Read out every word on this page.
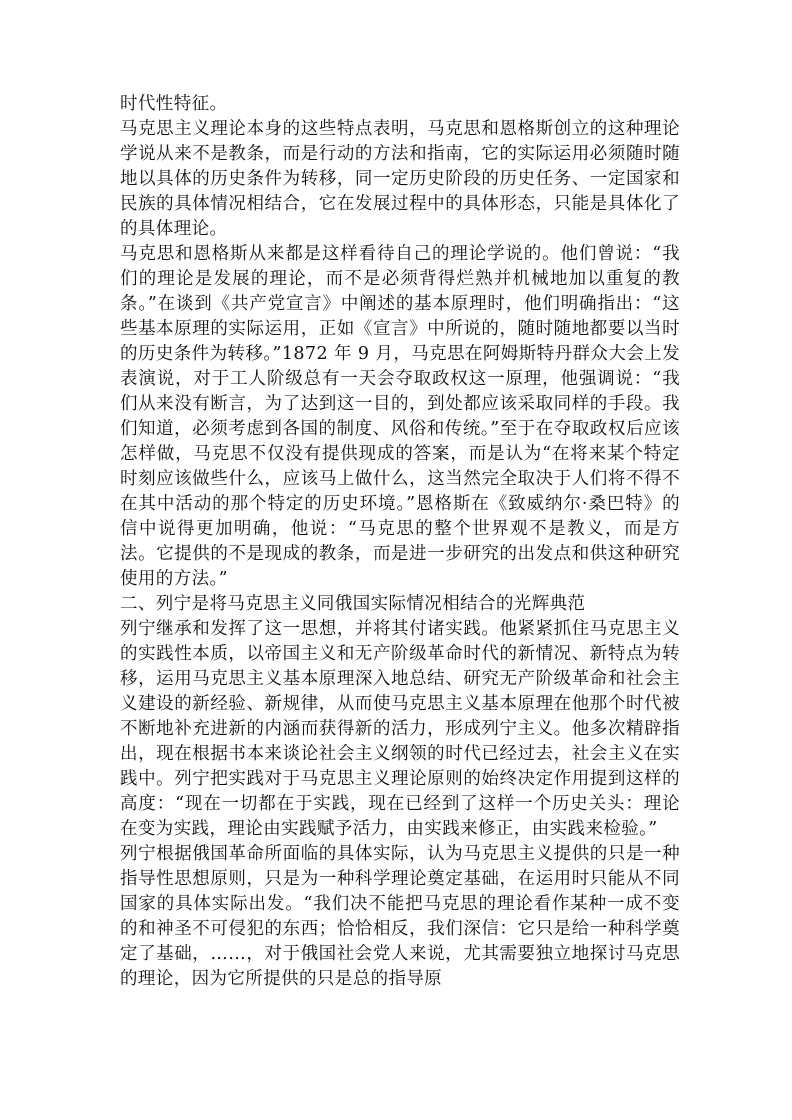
时代性特征。

马克思主义理论本身的这些特点表明，马克思和恩格斯创立的这种理论学说从来不是教条，而是行动的方法和指南，它的实际运用必须随时随地以具体的历史条件为转移，同一定历史阶段的历史任务、一定国家和民族的具体情况相结合，它在发展过程中的具体形态，只能是具体化了的具体理论。

马克思和恩格斯从来都是这样看待自己的理论学说的。他们曾说：“我们的理论是发展的理论，而不是必须背得烂熟并机械地加以重复的教条。”在谈到《共产党宣言》中阐述的基本原理时，他们明确指出：“这些基本原理的实际运用，正如《宣言》中所说的，随时随地都要以当时的历史条件为转移。”1872 年 9 月，马克思在阿姆斯特丹群众大会上发表演说，对于工人阶级总有一天会夺取政权这一原理，他强调说：“我们从来没有断言，为了达到这一目的，到处都应该采取同样的手段。我们知道，必须考虑到各国的制度、风俗和传统。”至于在夺取政权后应该怎样做，马克思不仅没有提供现成的答案，而是认为“在将来某个特定时刻应该做些什么，应该马上做什么，这当然完全取决于人们将不得不在其中活动的那个特定的历史环境。”恩格斯在《致威纳尔·桑巴特》的信中说得更加明确，他说：“马克思的整个世界观不是教义，而是方法。它提供的不是现成的教条，而是进一步研究的出发点和供这种研究使用的方法。”

二、列宁是将马克思主义同俄国实际情况相结合的光辉典范

列宁继承和发挥了这一思想，并将其付诸实践。他紧紧抓住马克思主义的实践性本质，以帝国主义和无产阶级革命时代的新情况、新特点为转移，运用马克思主义基本原理深入地总结、研究无产阶级革命和社会主义建设的新经验、新规律，从而使马克思主义基本原理在他那个时代被不断地补充进新的内涵而获得新的活力，形成列宁主义。他多次精辟指出，现在根据书本来谈论社会主义纲领的时代已经过去，社会主义在实践中。列宁把实践对于马克思主义理论原则的始终决定作用提到这样的高度：“现在一切都在于实践，现在已经到了这样一个历史关头：理论在变为实践，理论由实践赋予活力，由实践来修正，由实践来检验。”

列宁根据俄国革命所面临的具体实际，认为马克思主义提供的只是一种指导性思想原则，只是为一种科学理论奠定基础，在运用时只能从不同国家的具体实际出发。“我们决不能把马克思的理论看作某种一成不变的和神圣不可侵犯的东西；恰恰相反，我们深信：它只是给一种科学奠定了基础，……，对于俄国社会党人来说，尤其需要独立地探讨马克思的理论，因为它所提供的只是总的指导原
